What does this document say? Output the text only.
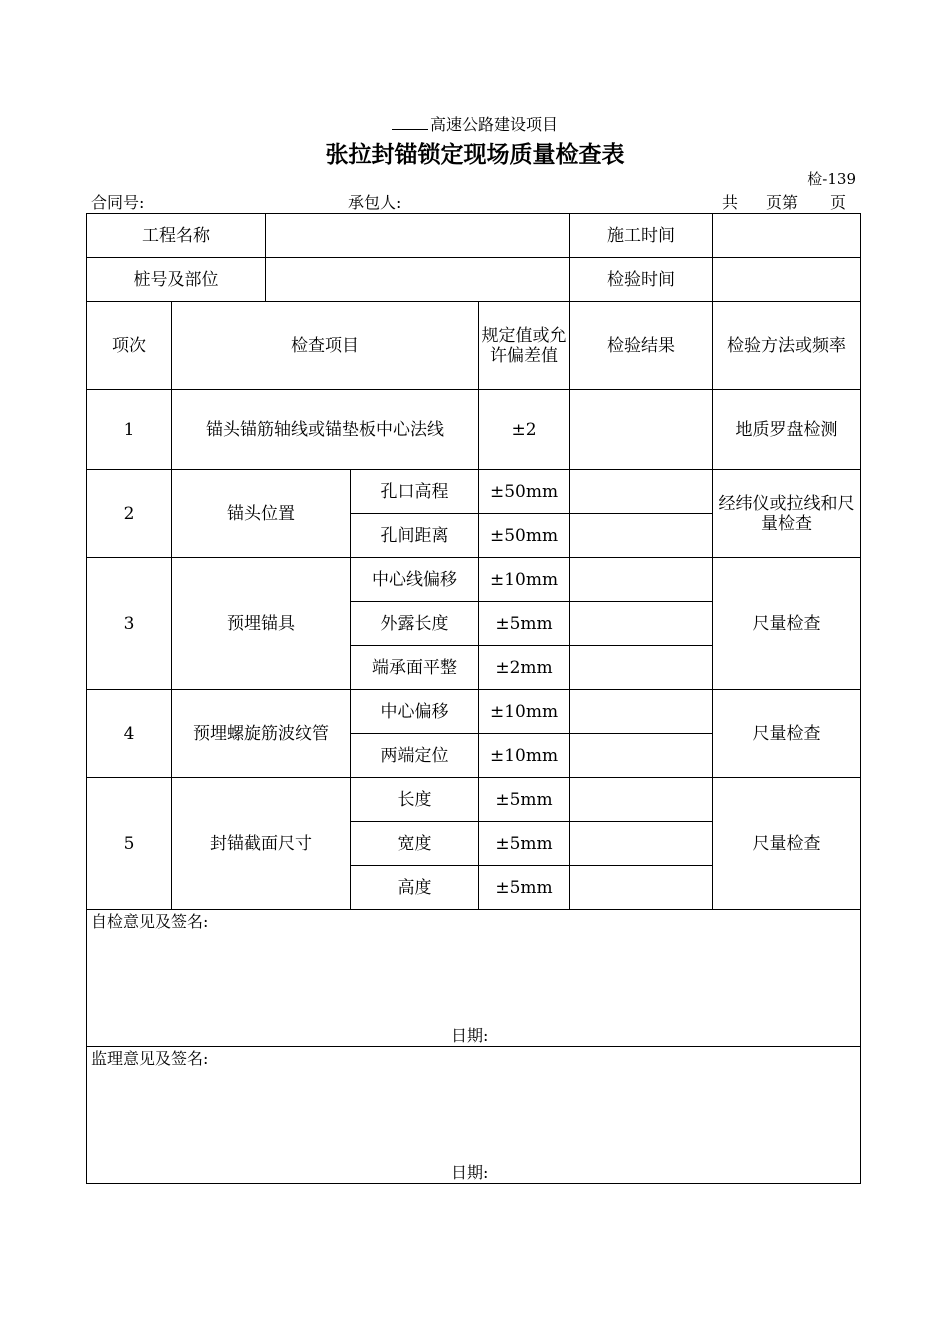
高速公路建设项目
张拉封锚锁定现场质量检查表
检-139
合同号:	承包人:	共 页第 页
工程名称					施工时间	
桩号及部位					检验时间	
项次	检查项目			规定值或允许偏差值	检验结果	检验方法或频率
1	锚头锚筋轴线或锚垫板中心法线			±2		地质罗盘检测
2	锚头位置		孔口高程	±50mm		经纬仪或拉线和尺量检查
			孔间距离	±50mm		
3	预埋锚具		中心线偏移	±10mm		尺量检查
			外露长度	±5mm		
			端承面平整	±2mm		
4	预埋螺旋筋波纹管		中心偏移	±10mm		尺量检查
			两端定位	±10mm		
5	封锚截面尺寸		长度	±5mm		尺量检查
			宽度	±5mm		
			高度	±5mm		

自检意见及签名:
日期:						

监理意见及签名:
日期:						
